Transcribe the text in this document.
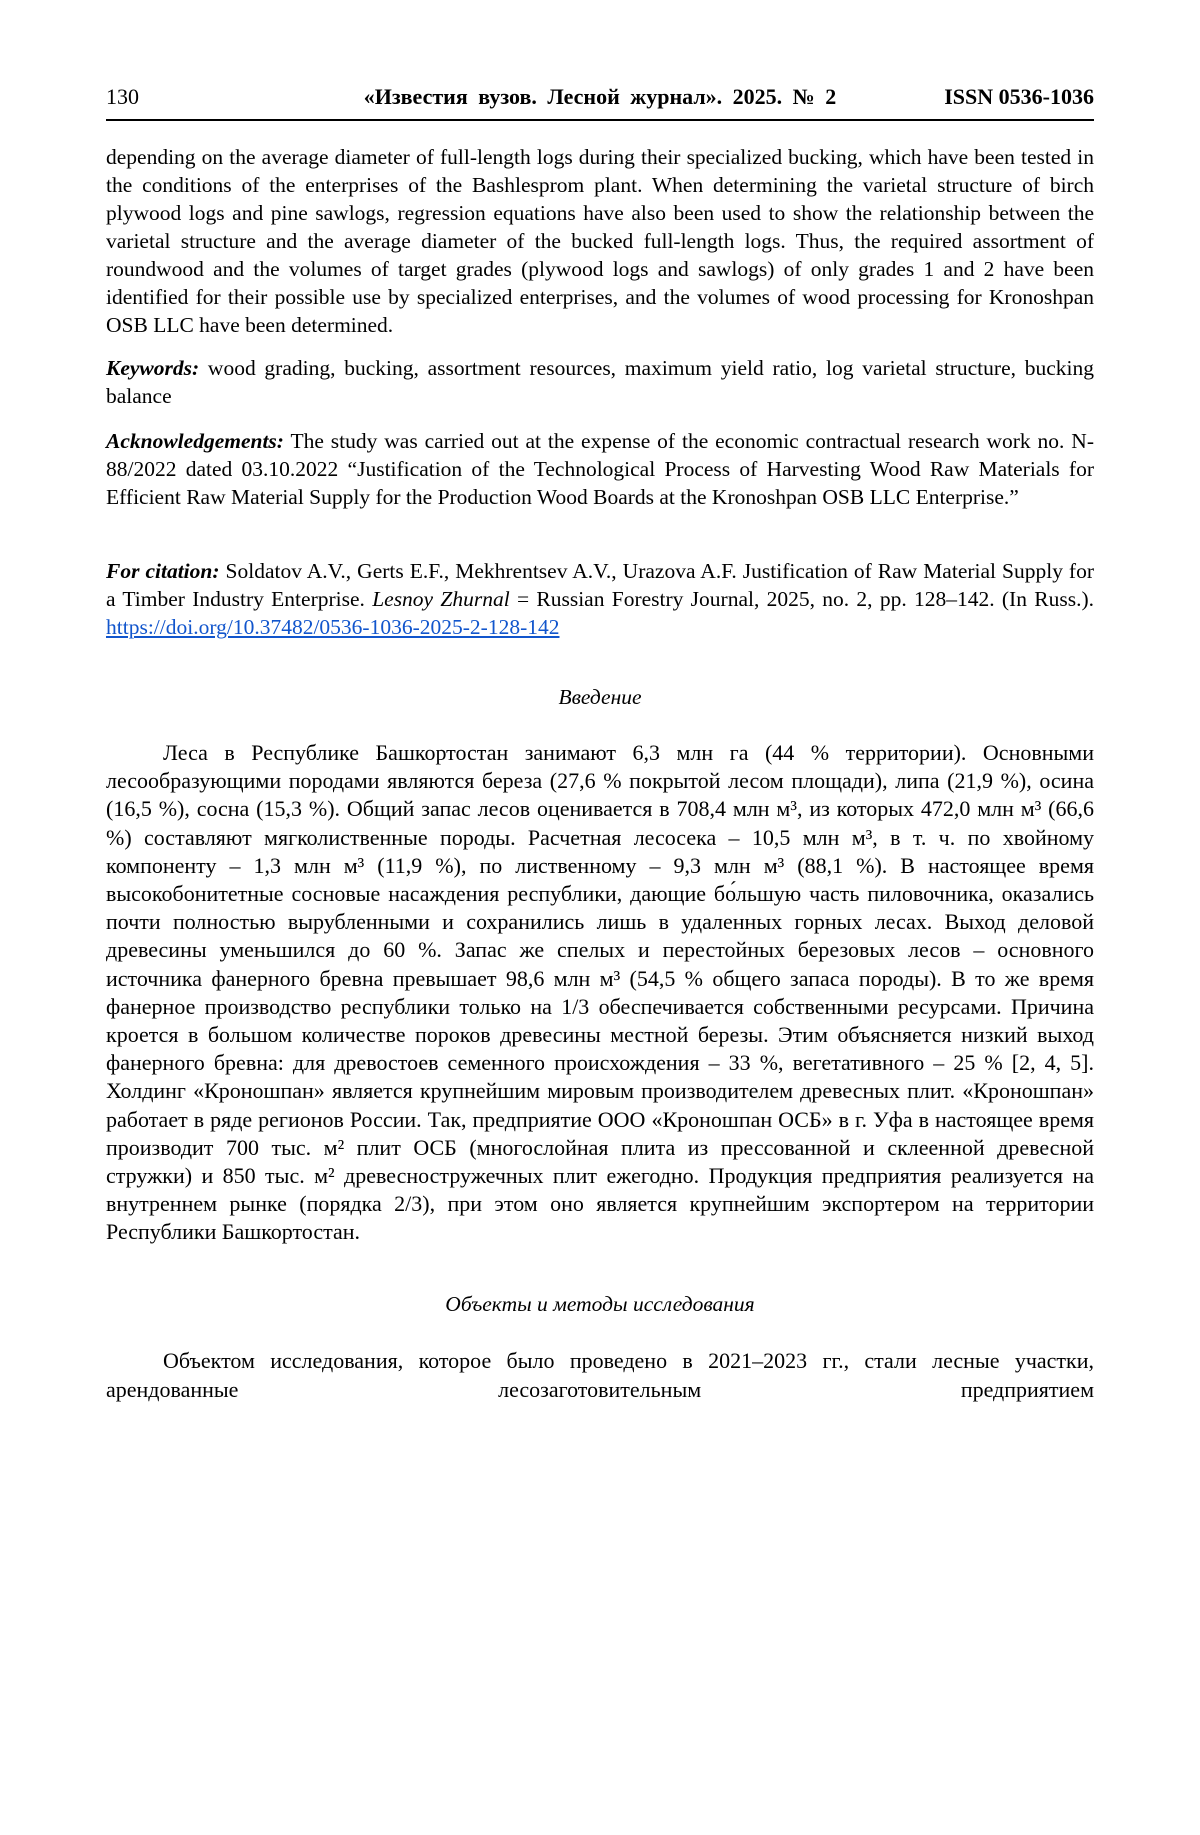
130	«Известия вузов. Лесной журнал». 2025. № 2	ISSN 0536-1036

depending on the average diameter of full-length logs during their specialized bucking, which have been tested in the conditions of the enterprises of the Bashlesprom plant. When determining the varietal structure of birch plywood logs and pine sawlogs, regression equations have also been used to show the relationship between the varietal structure and the average diameter of the bucked full-length logs. Thus, the required assortment of roundwood and the volumes of target grades (plywood logs and sawlogs) of only grades 1 and 2 have been identified for their possible use by specialized enterprises, and the volumes of wood processing for Kronoshpan OSB LLC have been determined.

Keywords: wood grading, bucking, assortment resources, maximum yield ratio, log varietal structure, bucking balance

Acknowledgements: The study was carried out at the expense of the economic contractual research work no. N-88/2022 dated 03.10.2022 “Justification of the Technological Process of Harvesting Wood Raw Materials for Efficient Raw Material Supply for the Production Wood Boards at the Kronoshpan OSB LLC Enterprise.”

For citation: Soldatov A.V., Gerts E.F., Mekhrentsev A.V., Urazova A.F. Justification of Raw Material Supply for a Timber Industry Enterprise. Lesnoy Zhurnal = Russian Forestry Journal, 2025, no. 2, pp. 128–142. (In Russ.). https://doi.org/10.37482/0536-1036-2025-2-128-142

Введение

Леса в Республике Башкортостан занимают 6,3 млн га (44 % территории). Основными лесообразующими породами являются береза (27,6 % покрытой лесом площади), липа (21,9 %), осина (16,5 %), сосна (15,3 %). Общий запас лесов оценивается в 708,4 млн м³, из которых 472,0 млн м³ (66,6 %) составляют мягколиственные породы. Расчетная лесосека – 10,5 млн м³, в т. ч. по хвойному компоненту – 1,3 млн м³ (11,9 %), по лиственному – 9,3 млн м³ (88,1 %). В настоящее время высокобонитетные сосновые насаждения республики, дающие бо́льшую часть пиловочника, оказались почти полностью вырубленными и сохранились лишь в удаленных горных лесах. Выход деловой древесины уменьшился до 60 %. Запас же спелых и перестойных березовых лесов – основного источника фанерного бревна превышает 98,6 млн м³ (54,5 % общего запаса породы). В то же время фанерное производство республики только на 1/3 обеспечивается собственными ресурсами. Причина кроется в большом количестве пороков древесины местной березы. Этим объясняется низкий выход фанерного бревна: для древостоев семенного происхождения – 33 %, вегетативного – 25 % [2, 4, 5]. Холдинг «Кроношпан» является крупнейшим мировым производителем древесных плит. «Кроношпан» работает в ряде регионов России. Так, предприятие ООО «Кроношпан ОСБ» в г. Уфа в настоящее время производит 700 тыс. м² плит ОСБ (многослойная плита из прессованной и склеенной древесной стружки) и 850 тыс. м² древесностружечных плит ежегодно. Продукция предприятия реализуется на внутреннем рынке (порядка 2/3), при этом оно является крупнейшим экспортером на территории Республики Башкортостан.

Объекты и методы исследования

Объектом исследования, которое было проведено в 2021–2023 гг., стали лесные участки, арендованные лесозаготовительным предприятием
